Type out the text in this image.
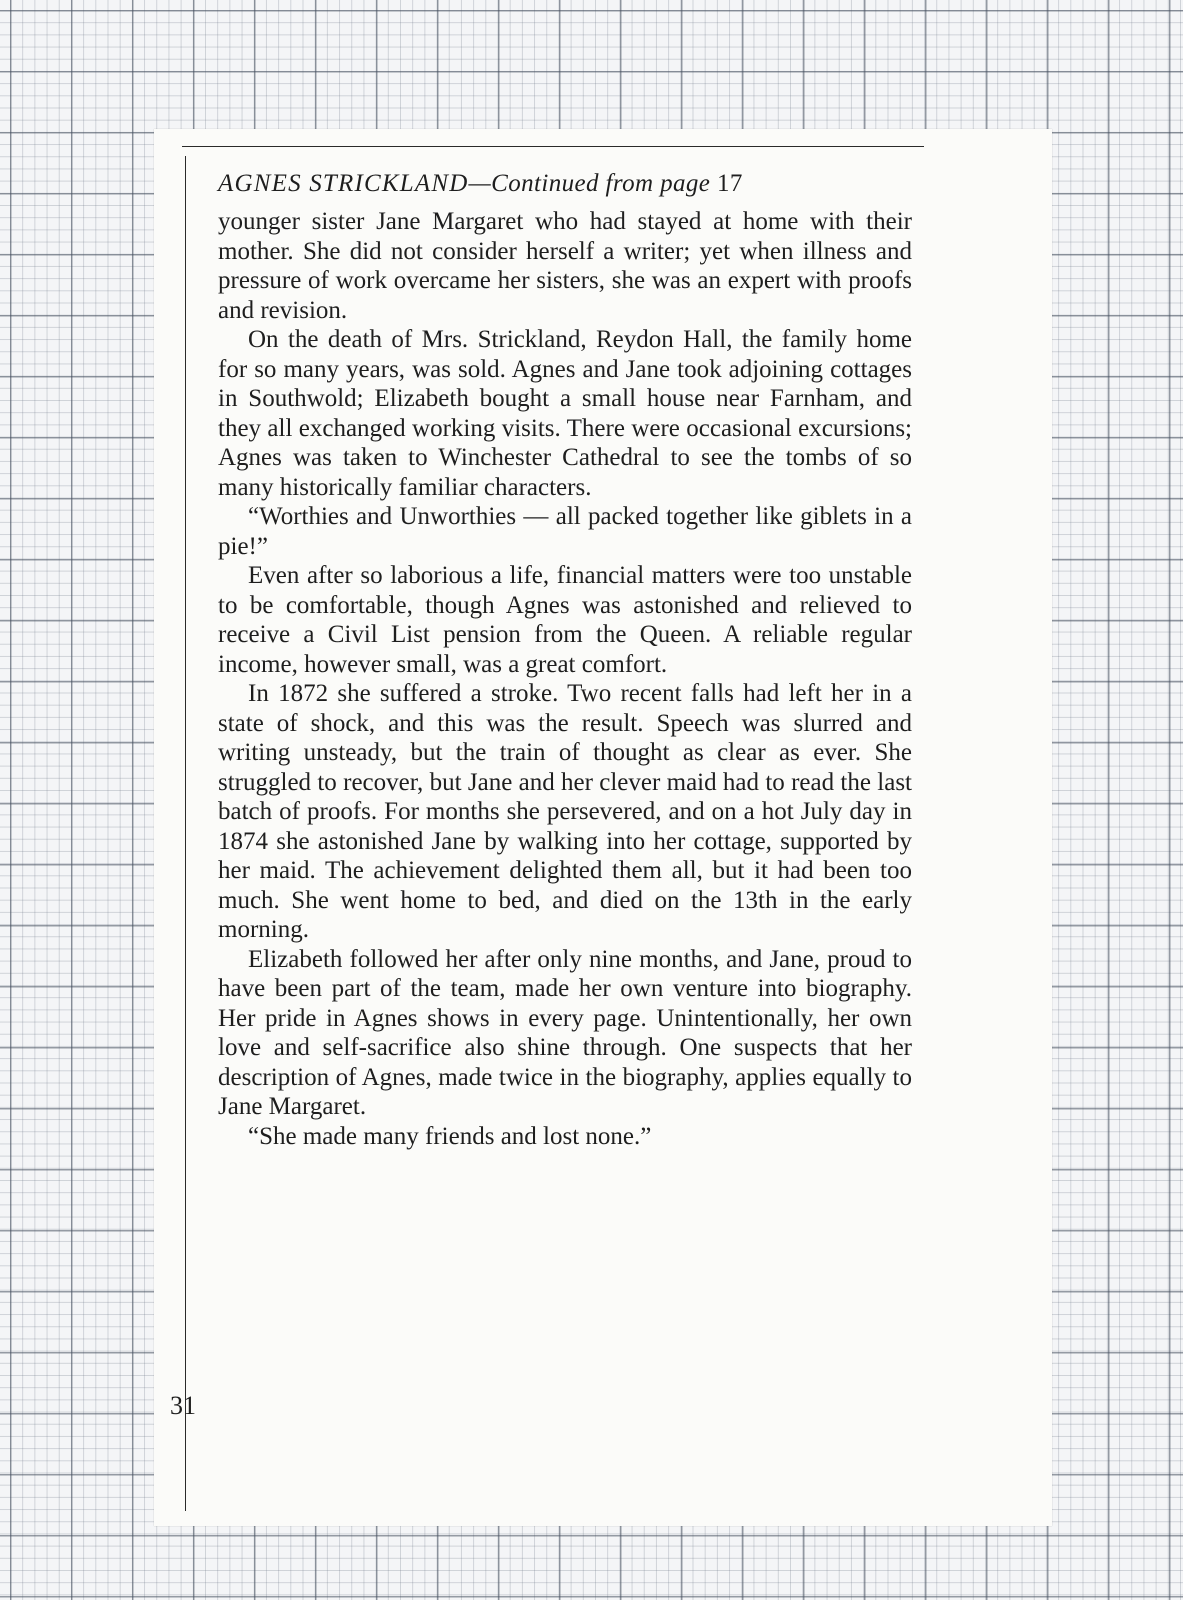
AGNES STRICKLAND—Continued from page 17

younger sister Jane Margaret who had stayed at home with their mother. She did not consider herself a writer; yet when illness and pressure of work overcame her sisters, she was an expert with proofs and revision.

On the death of Mrs. Strickland, Reydon Hall, the family home for so many years, was sold. Agnes and Jane took adjoining cottages in Southwold; Elizabeth bought a small house near Farnham, and they all exchanged working visits. There were occasional excursions; Agnes was taken to Winchester Cathedral to see the tombs of so many historically familiar characters.

“Worthies and Unworthies — all packed together like giblets in a pie!”

Even after so laborious a life, financial matters were too unstable to be comfortable, though Agnes was astonished and relieved to receive a Civil List pension from the Queen. A reliable regular income, however small, was a great comfort.

In 1872 she suffered a stroke. Two recent falls had left her in a state of shock, and this was the result. Speech was slurred and writing unsteady, but the train of thought as clear as ever. She struggled to recover, but Jane and her clever maid had to read the last batch of proofs. For months she persevered, and on a hot July day in 1874 she astonished Jane by walking into her cottage, supported by her maid. The achievement delighted them all, but it had been too much. She went home to bed, and died on the 13th in the early morning.

Elizabeth followed her after only nine months, and Jane, proud to have been part of the team, made her own venture into biography. Her pride in Agnes shows in every page. Unintentionally, her own love and self-sacrifice also shine through. One suspects that her description of Agnes, made twice in the biography, applies equally to Jane Margaret.

“She made many friends and lost none.”

31
